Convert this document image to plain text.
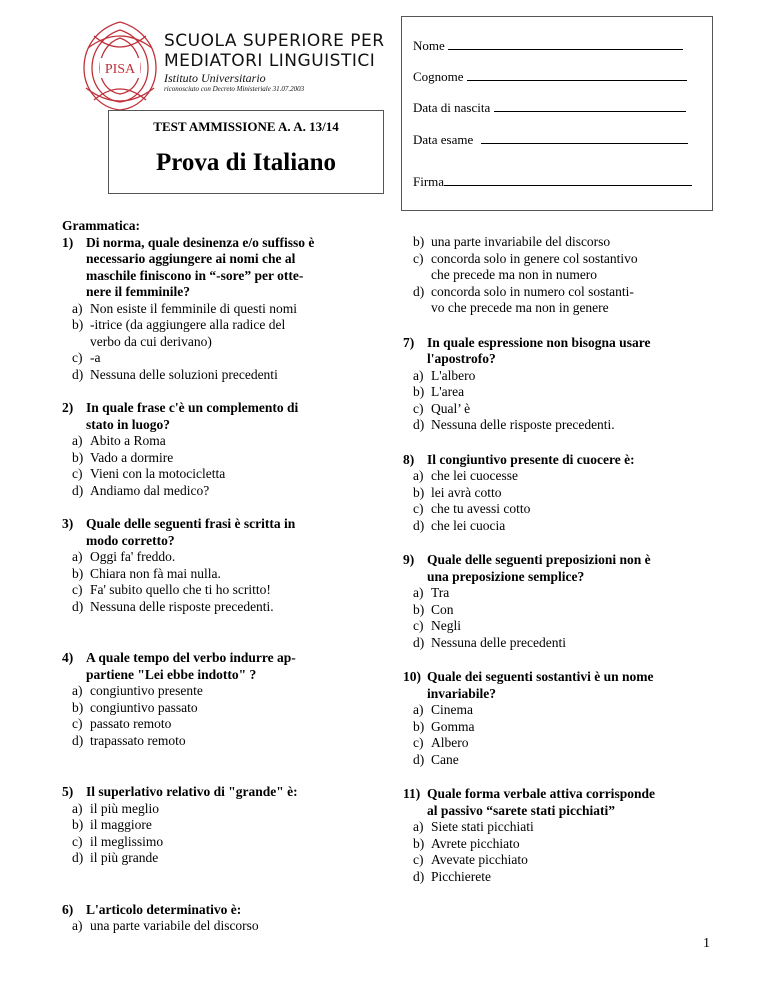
PISA
SCUOLA SUPERIORE PER
MEDIATORI LINGUISTICI
Istituto Universitario
riconosciuto con Decreto Ministeriale 31.07.2003
TEST AMMISSIONE A. A. 13/14
Prova di Italiano
Nome
Cognome
Data di nascita
Data esame
Firma
Grammatica:
1) Di norma, quale desinenza e/o suffisso è
necessario aggiungere ai nomi che al
maschile finiscono in “-sore” per otte-
nere il femminile?
a) Non esiste il femminile di questi nomi
b) -itrice (da aggiungere alla radice del
verbo da cui derivano)
c) -a
d) Nessuna delle soluzioni precedenti
2) In quale frase c'è un complemento di
stato in luogo?
a) Abito a Roma
b) Vado a dormire
c) Vieni con la motocicletta
d) Andiamo dal medico?
3) Quale delle seguenti frasi è scritta in
modo corretto?
a) Oggi fa' freddo.
b) Chiara non fà mai nulla.
c) Fa' subito quello che ti ho scritto!
d) Nessuna delle risposte precedenti.
4) A quale tempo del verbo indurre ap-
partiene "Lei ebbe indotto" ?
a) congiuntivo presente
b) congiuntivo passato
c) passato remoto
d) trapassato remoto
5) Il superlativo relativo di "grande" è:
a) il più meglio
b) il maggiore
c) il meglissimo
d) il più grande
6) L'articolo determinativo è:
a) una parte variabile del discorso
b) una parte invariabile del discorso
c) concorda solo in genere col sostantivo
che precede ma non in numero
d) concorda solo in numero col sostanti-
vo che precede ma non in genere
7) In quale espressione non bisogna usare
l'apostrofo?
a) L'albero
b) L'area
c) Qual’ è
d) Nessuna delle risposte precedenti.
8) Il congiuntivo presente di cuocere è:
a) che lei cuocesse
b) lei avrà cotto
c) che tu avessi cotto
d) che lei cuocia
9) Quale delle seguenti preposizioni non è
una preposizione semplice?
a) Tra
b) Con
c) Negli
d) Nessuna delle precedenti
10) Quale dei seguenti sostantivi è un nome
invariabile?
a) Cinema
b) Gomma
c) Albero
d) Cane
11) Quale forma verbale attiva corrisponde
al passivo “sarete stati picchiati”
a) Siete stati picchiati
b) Avrete picchiato
c) Avevate picchiato
d) Picchierete
1
